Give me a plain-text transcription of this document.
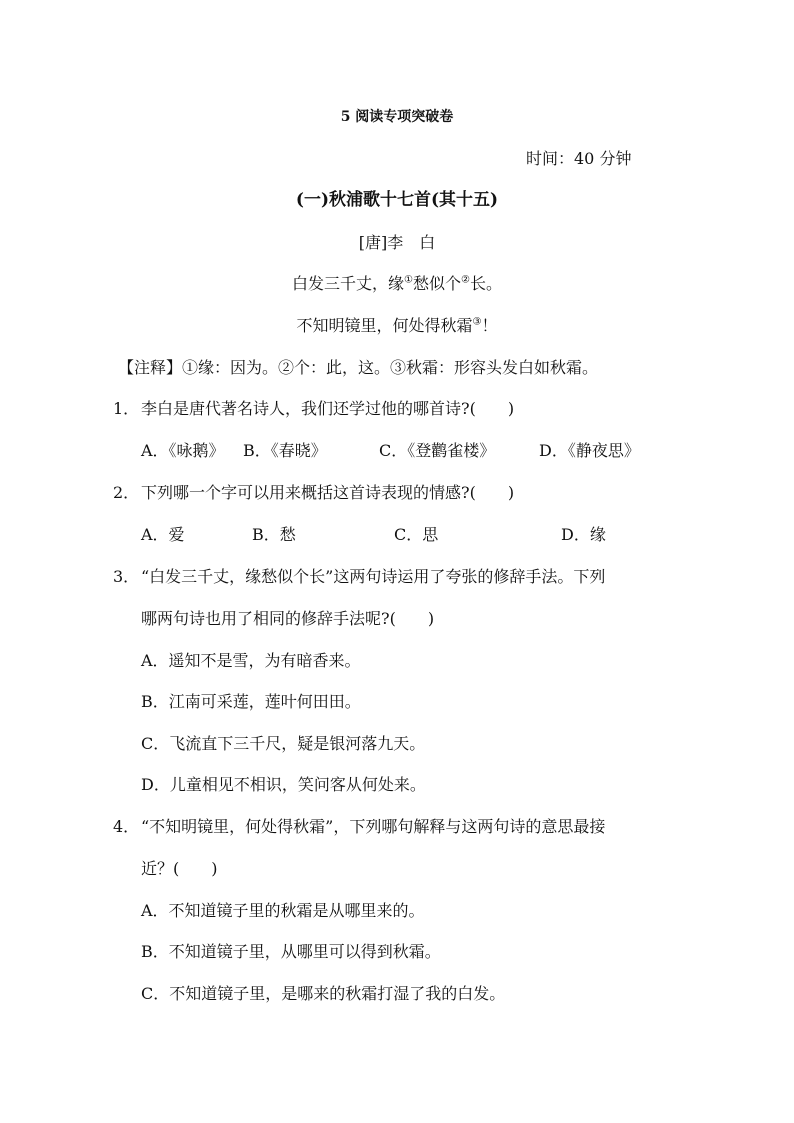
5 阅读专项突破卷
时间：40 分钟
(一)秋浦歌十七首(其十五)
[唐]李　白
白发三千丈，缘①愁似个②长。
不知明镜里，何处得秋霜③！
【注释】①缘：因为。②个：此，这。③秋霜：形容头发白如秋霜。
1． 李白是唐代著名诗人，我们还学过他的哪首诗?(　　)
A．《咏鹅》 B．《春晓》	C．《登鹳雀楼》	D．《静夜思》
2． 下列哪一个字可以用来概括这首诗表现的情感?(　　)
A．爱	B．愁	C．思	D．缘
3． “白发三千丈，缘愁似个长”这两句诗运用了夸张的修辞手法。下列
哪两句诗也用了相同的修辞手法呢?(　　)
A．遥知不是雪，为有暗香来。
B．江南可采莲，莲叶何田田。
C．飞流直下三千尺，疑是银河落九天。
D．儿童相见不相识，笑问客从何处来。
4． “不知明镜里，何处得秋霜”，下列哪句解释与这两句诗的意思最接
近？(　　)
A．不知道镜子里的秋霜是从哪里来的。
B．不知道镜子里，从哪里可以得到秋霜。
C．不知道镜子里，是哪来的秋霜打湿了我的白发。
